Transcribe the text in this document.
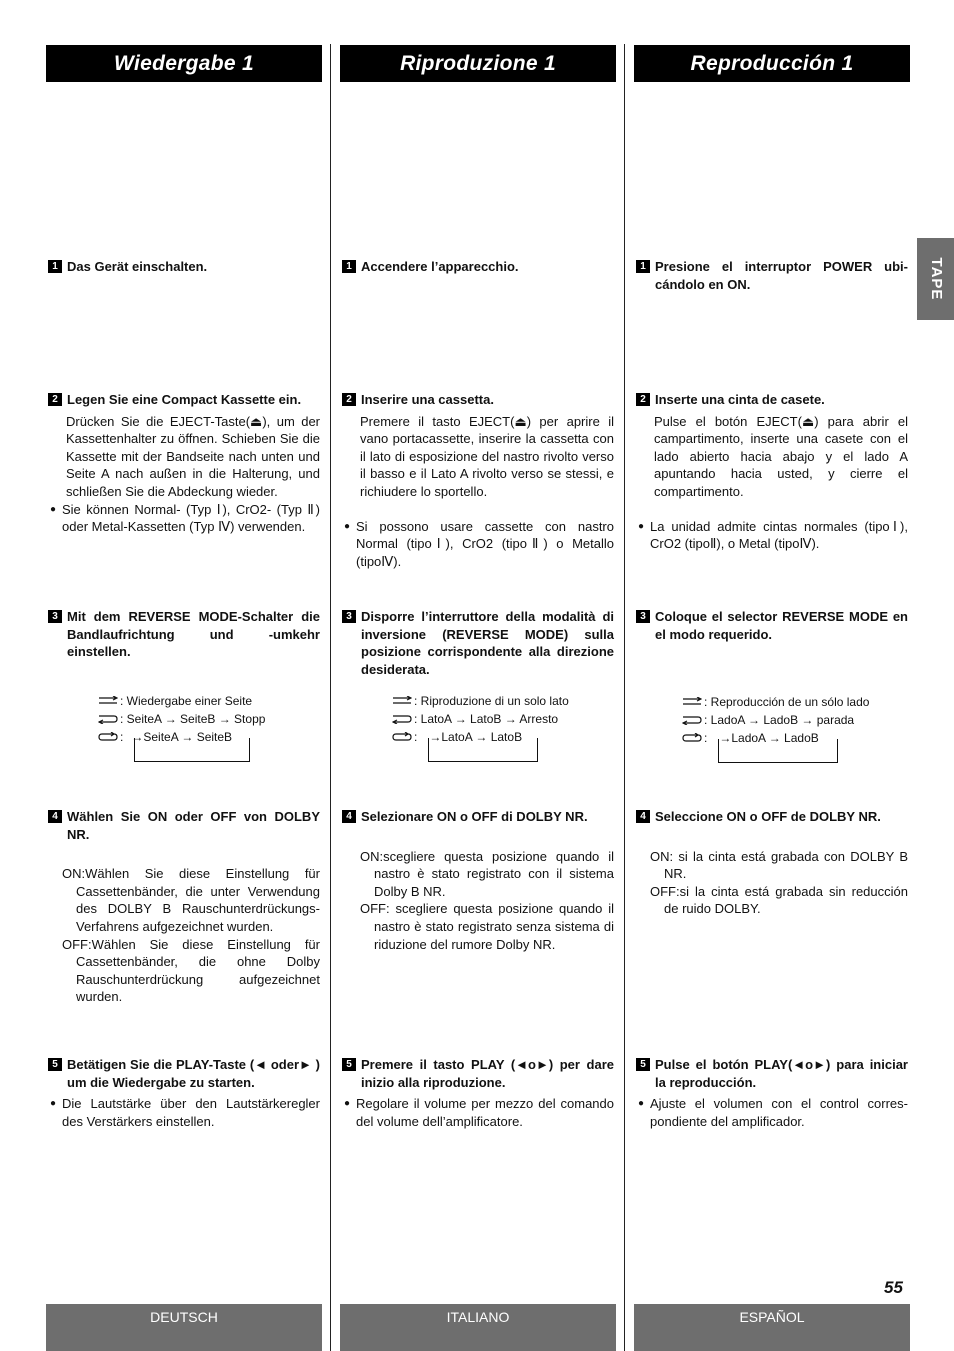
Wiedergabe 1
1 Das Gerät einschalten.
2 Legen Sie eine Compact Kassette ein.
Drücken Sie die EJECT-Taste(⏏), um der Kassettenhalter zu öffnen. Schieben Sie die Kassette mit der Bandseite nach unten und Seite A nach außen in die Halterung, und schließen Sie die Abdeckung wieder.
● Sie können Normal- (Typ Ⅰ), CrO2- (Typ Ⅱ) oder Metal-Kassetten (Typ Ⅳ) verwenden.
3 Mit dem REVERSE MODE-Schalter die Bandlaufrichtung und -umkehr einstellen.
: Wiedergabe einer Seite
: SeiteA → SeiteB → Stopp
: → SeiteA → SeiteB
4 Wählen Sie ON oder OFF von DOLBY NR.
ON:Wählen Sie diese Einstellung für Cassettenbänder, die unter Verwendung des DOLBY B Rauschunterdrückungs-Verfahrens aufgezeichnet wurden.
OFF:Wählen Sie diese Einstellung für Cassettenbänder, die ohne Dolby Rauschunterdrückung aufgezeichnet wurden.
5 Betätigen Sie die PLAY-Taste (◄ oder► ) um die Wiedergabe zu starten.
● Die Lautstärke über den Lautstärkeregler des Verstärkers einstellen.
DEUTSCH
Riproduzione 1
1 Accendere l’apparecchio.
2 Inserire una cassetta.
Premere il tasto EJECT(⏏) per aprire il vano portacassette, inserire la cassetta con il lato di esposizione del nastro rivolto verso il basso e il Lato A rivolto verso se stessi, e richiudere lo sportello.
● Si possono usare cassette con nastro Normal (tipoⅠ), CrO2 (tipoⅡ) o Metallo (tipoⅣ).
3 Disporre l’interruttore della modalità di inversione (REVERSE MODE) sulla posizione corrispondente alla direzione desiderata.
: Riproduzione di un solo lato
: LatoA → LatoB → Arresto
: → LatoA → LatoB
4 Selezionare ON o OFF di DOLBY NR.
ON:scegliere questa posizione quando il nastro è stato registrato con il sistema Dolby B NR.
OFF: scegliere questa posizione quando il nastro è stato registrato senza sistema di riduzione del rumore Dolby NR.
5 Premere il tasto PLAY (◄o►) per dare inizio alla riproduzione.
● Regolare il volume per mezzo del comando del volume dell’amplificatore.
ITALIANO
Reproducción 1
1 Presione el interruptor POWER ubi-cándolo en ON.
2 Inserte una cinta de casete.
Pulse el botón EJECT(⏏) para abrir el campartimento, inserte una casete con el lado abierto hacia abajo y el lado A apuntando hacia usted, y cierre el compartimento.
● La unidad admite cintas normales (tipoⅠ), CrO2 (tipoⅡ), o Metal (tipoⅣ).
3 Coloque el selector REVERSE MODE en el modo requerido.
: Reproducción de un sólo lado
: LadoA → LadoB → parada
: → LadoA → LadoB
4 Seleccione ON o OFF de DOLBY NR.
ON: si la cinta está grabada con DOLBY B NR.
OFF:si la cinta está grabada sin reducción de ruido DOLBY.
5 Pulse el botón PLAY(◄o►) para iniciar la reproducción.
● Ajuste el volumen con el control corres-pondiente del amplificador.
ESPAÑOL
TAPE
55
